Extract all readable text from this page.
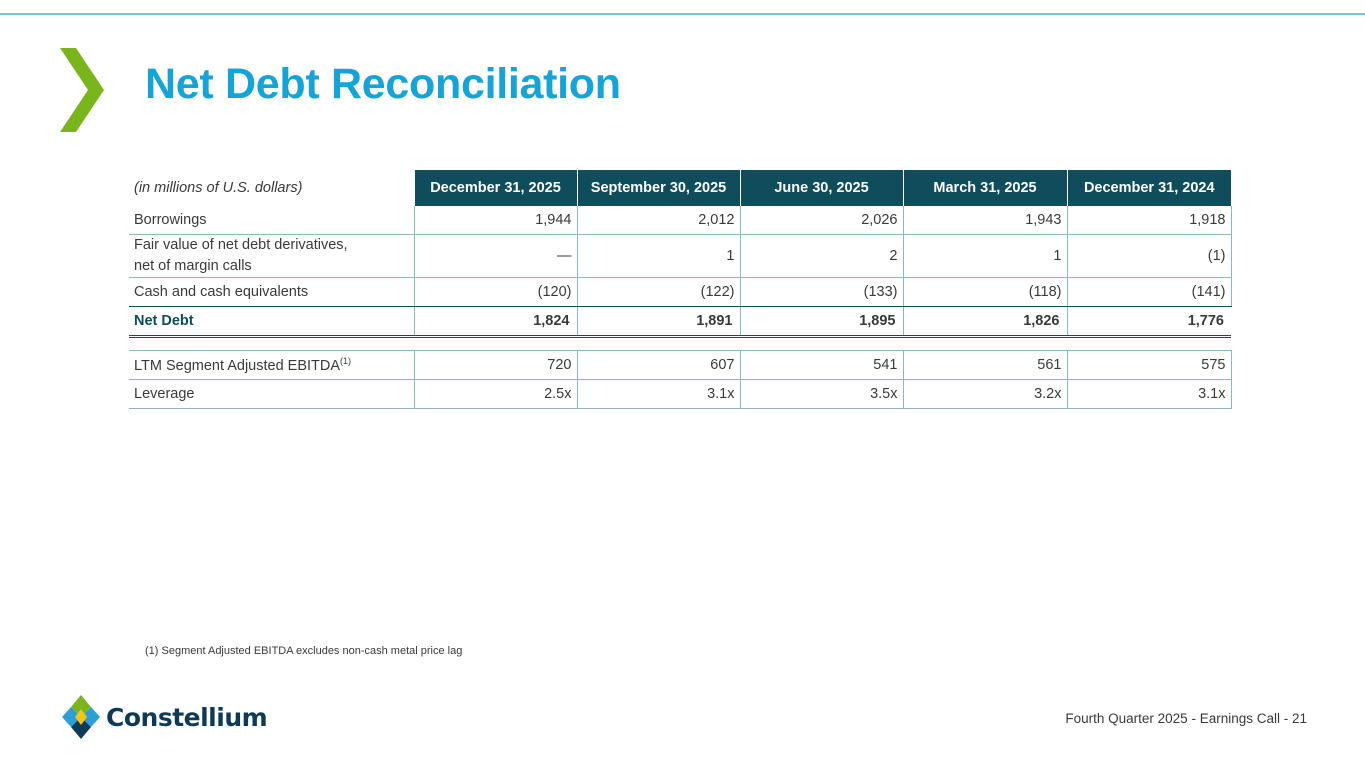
Net Debt Reconciliation
(in millions of U.S. dollars)	December 31, 2025	September 30, 2025	June 30, 2025	March 31, 2025	December 31, 2024
Borrowings	1,944	2,012	2,026	1,943	1,918
Fair value of net debt derivatives,
net of margin calls	—	1	2	1	(1)
Cash and cash equivalents	(120)	(122)	(133)	(118)	(141)
Net Debt	1,824	1,891	1,895	1,826	1,776

LTM Segment Adjusted EBITDA$^{(1)}$	720	607	541	561	575
Leverage	2.5x	3.1x	3.5x	3.2x	3.1x
(1) Segment Adjusted EBITDA excludes non-cash metal price lag
Constellium	Fourth Quarter 2025 - Earnings Call - 21
